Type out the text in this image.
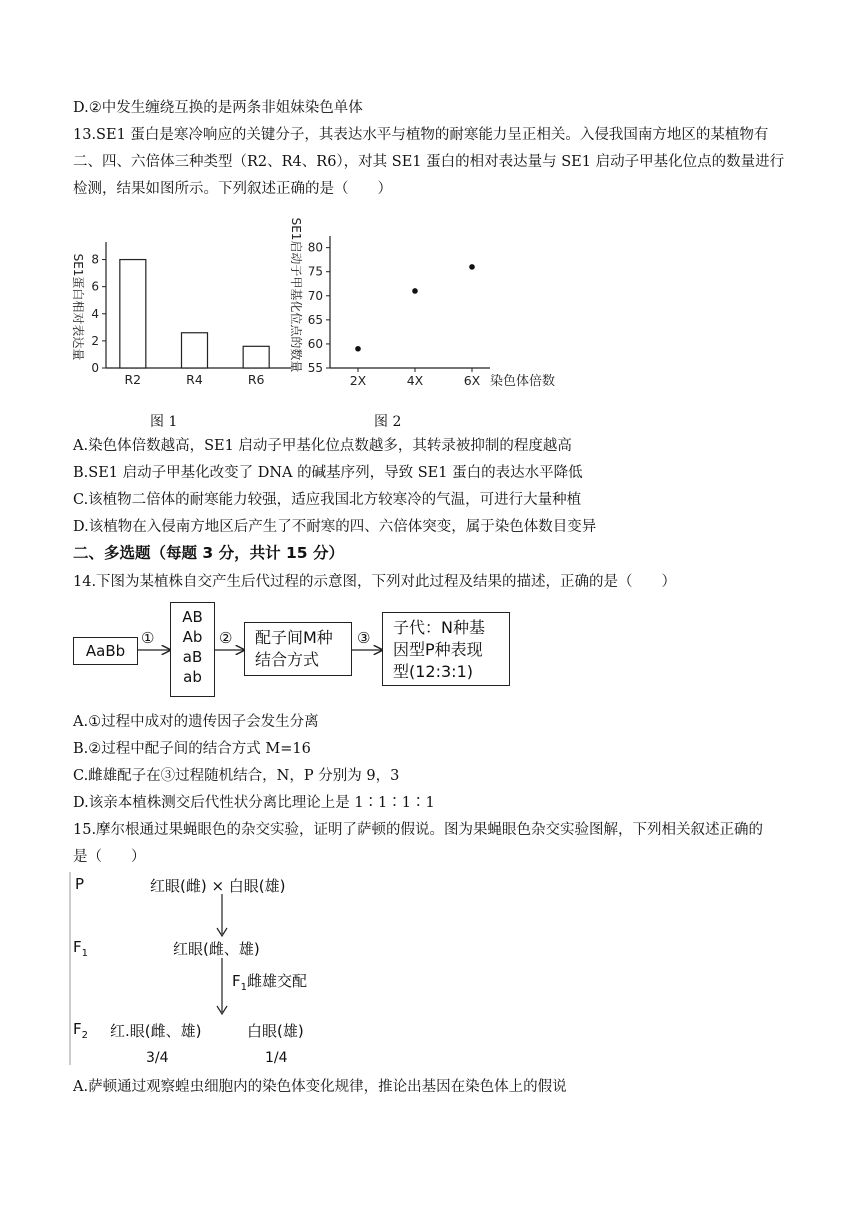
D.②中发生缠绕互换的是两条非姐妹染色单体
13.SE1 蛋白是寒冷响应的关键分子，其表达水平与植物的耐寒能力呈正相关。入侵我国南方地区的某植物有
二、四、六倍体三种类型（R2、R4、R6），对其 SE1 蛋白的相对表达量与 SE1 启动子甲基化位点的数量进行
检测，结果如图所示。下列叙述正确的是（　　）
0
2
4
6
8
SE1蛋白相对表达量
R2	R4	R6
55
60
65
70
75
80
SE1启动子甲基化位点的数量
2X	4X	6X 染色体倍数
图 1	图 2
A.染色体倍数越高，SE1 启动子甲基化位点数越多，其转录被抑制的程度越高
B.SE1 启动子甲基化改变了 DNA 的碱基序列，导致 SE1 蛋白的表达水平降低
C.该植物二倍体的耐寒能力较强，适应我国北方较寒冷的气温，可进行大量种植
D.该植物在入侵南方地区后产生了不耐寒的四、六倍体突变，属于染色体数目变异
二、多选题（每题 3 分，共计 15 分）
14.下图为某植株自交产生后代过程的示意图，下列对此过程及结果的描述，正确的是（　　）
AaBb
①
AB
Ab
aB
ab
② 配子间M种
结合方式
③
子代：N种基
因型P种表现
型(12:3:1)
A.①过程中成对的遗传因子会发生分离
B.②过程中配子间的结合方式 M=16
C.雌雄配子在③过程随机结合，N，P 分别为 9，3
D.该亲本植株测交后代性状分离比理论上是 1∶1∶1∶1
15.摩尔根通过果蝇眼色的杂交实验，证明了萨顿的假说。图为果蝇眼色杂交实验图解，下列相关叙述正确的
是（　　）
P	红眼(雌) × 白眼(雄)
$F_1$	红眼(雌、雄)
$F_1$雌雄交配
$F_2$ 红.眼(雌、雄)	白眼(雄)
3/4	1/4
A.萨顿通过观察蝗虫细胞内的染色体变化规律，推论出基因在染色体上的假说
